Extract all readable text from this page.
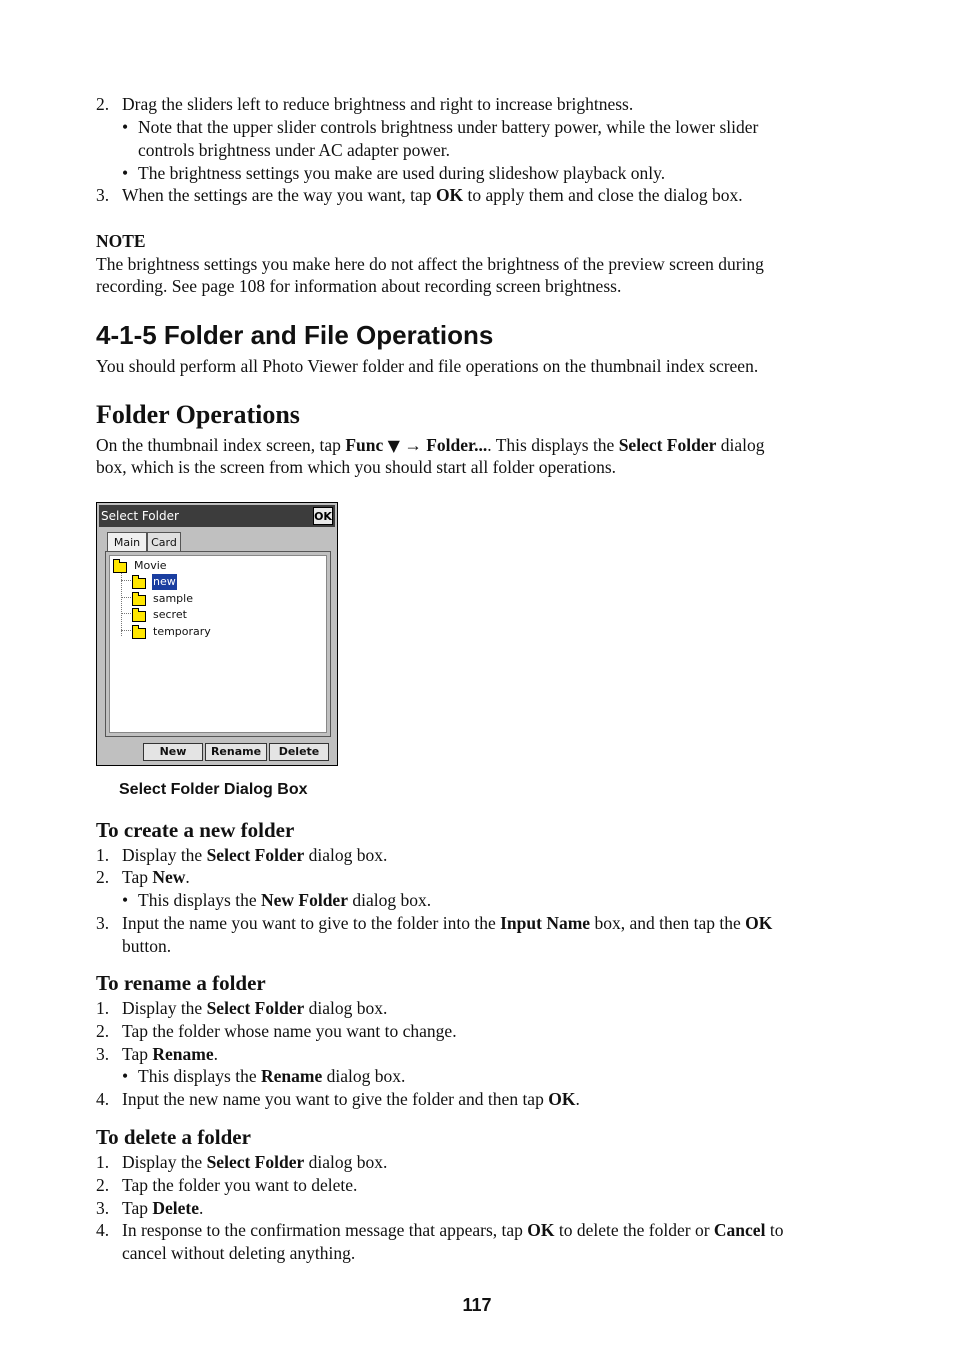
2. Drag the sliders left to reduce brightness and right to increase brightness.
• Note that the upper slider controls brightness under battery power, while the lower slider
controls brightness under AC adapter power.
• The brightness settings you make are used during slideshow playback only.
3. When the settings are the way you want, tap OK to apply them and close the dialog box.
NOTE
The brightness settings you make here do not affect the brightness of the preview screen during
recording. See page 108 for information about recording screen brightness.
4-1-5 Folder and File Operations
You should perform all Photo Viewer folder and file operations on the thumbnail index screen.
Folder Operations
On the thumbnail index screen, tap Func ▼ → Folder.... This displays the Select Folder dialog
box, which is the screen from which you should start all folder operations.
Select Folder	OK
Main	Card
Movie
new
sample
secret
temporary
New	Rename	Delete
Select Folder Dialog Box
To create a new folder
1. Display the Select Folder dialog box.
2. Tap New.
• This displays the New Folder dialog box.
3. Input the name you want to give to the folder into the Input Name box, and then tap the OK
button.
To rename a folder
1. Display the Select Folder dialog box.
2. Tap the folder whose name you want to change.
3. Tap Rename.
• This displays the Rename dialog box.
4. Input the new name you want to give the folder and then tap OK.
To delete a folder
1. Display the Select Folder dialog box.
2. Tap the folder you want to delete.
3. Tap Delete.
4. In response to the confirmation message that appears, tap OK to delete the folder or Cancel to
cancel without deleting anything.
117
